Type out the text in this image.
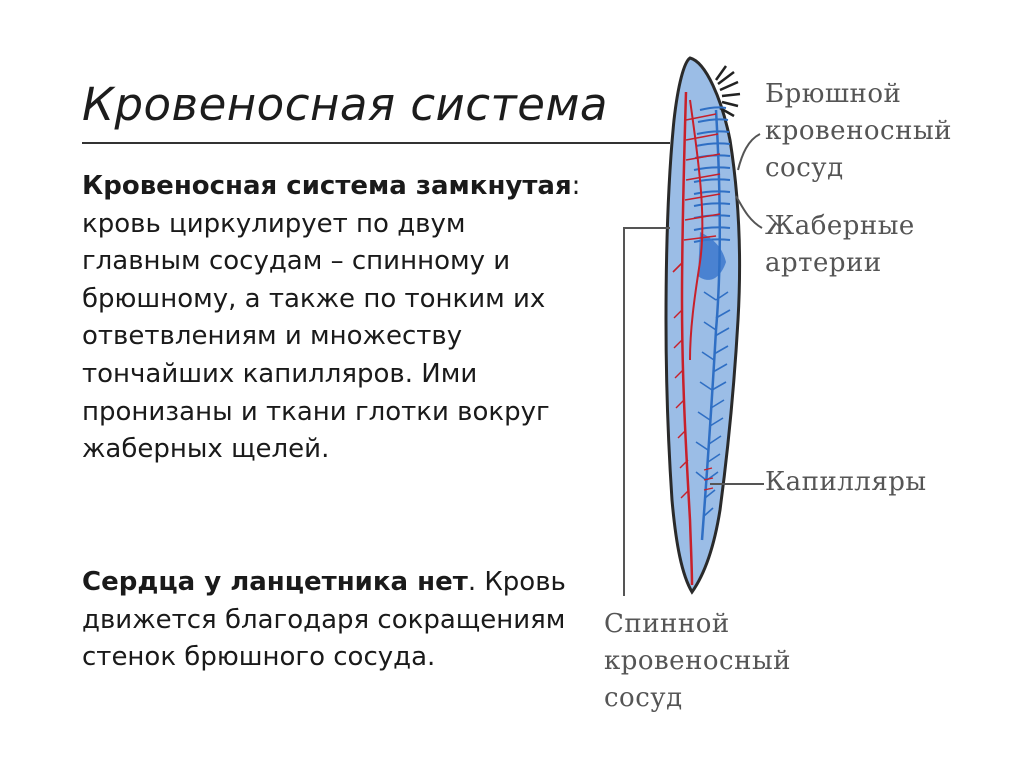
Кровеносная система

Кровеносная система замкнутая: кровь циркулирует по двум главным сосудам – спинному и брюшному, а также по тонким их ответвлениям и множеству тончайших капилляров. Ими пронизаны и ткани глотки вокруг жаберных щелей.

Сердца у ланцетника нет. Кровь движется благодаря сокращениям стенок брюшного сосуда.

Брюшной
кровеносный
сосуд
Жаберные
артерии
Капилляры
Спинной
кровеносный
сосуд
